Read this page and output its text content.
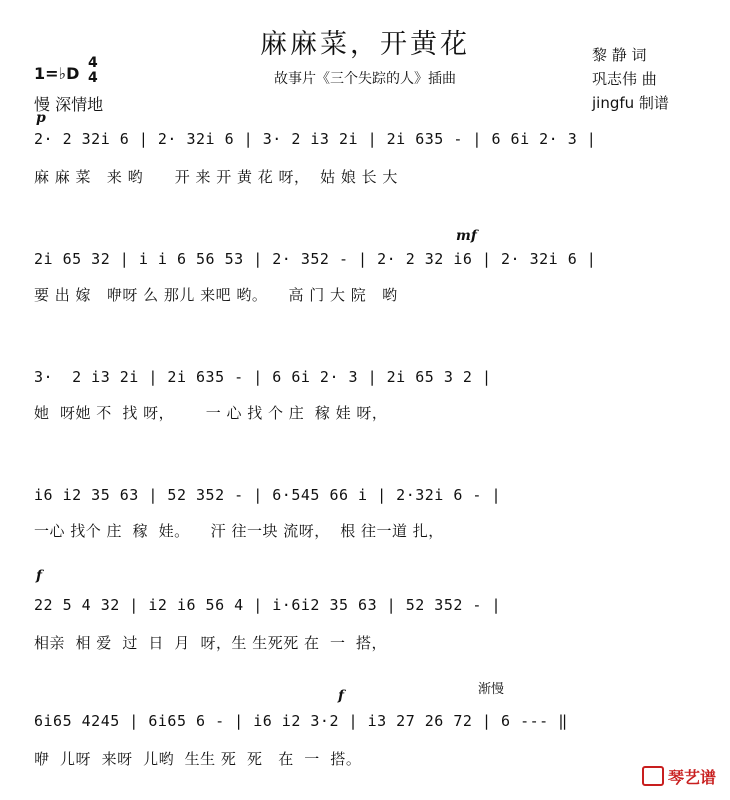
麻麻菜，开黄花
故事片《三个失踪的人》插曲
黎 静 词
巩志伟 曲
jingfu 制谱
1=♭D
4
4
慢 深情地
p
mf
f
f	渐慢
2· 2 32i 6 | 2· 32i 6 | 3· 2 i3 2i | 2i 635 - | 6 6i 2· 3 |
麻 麻 菜   来 哟      开 来 开 黄 花 呀，  姑 娘 长 大
2i 65 32 | i i 6 56 53 | 2· 352 - | 2· 2 32 i6 | 2· 32i 6 |
要 出 嫁   咿呀 么 那儿 来吧 哟。    高 门 大 院   哟
3·  2 i3 2i | 2i 635 - | 6 6i 2· 3 | 2i 65 3 2 |
她  呀她 不  找 呀，      一 心 找 个 庄  稼 娃 呀，
i6 i2 35 63 | 52 352 - | 6·545 66 i | 2·32i 6 - |
一心 找个 庄  稼  娃。    汗 往一块 流呀，  根 往一道 扎，
22 5 4 32 | i2 i6 56 4 | i·6i2 35 63 | 52 352 - |
相亲  相 爱  过  日  月  呀，生 生死死 在  一  搭，
6i65 4245 | 6i65 6 - | i6 i2 3·2 | i3 27 26 72 | 6 --- ‖
咿  儿呀  来呀  儿哟  生生 死  死   在  一  搭。
琴艺谱
